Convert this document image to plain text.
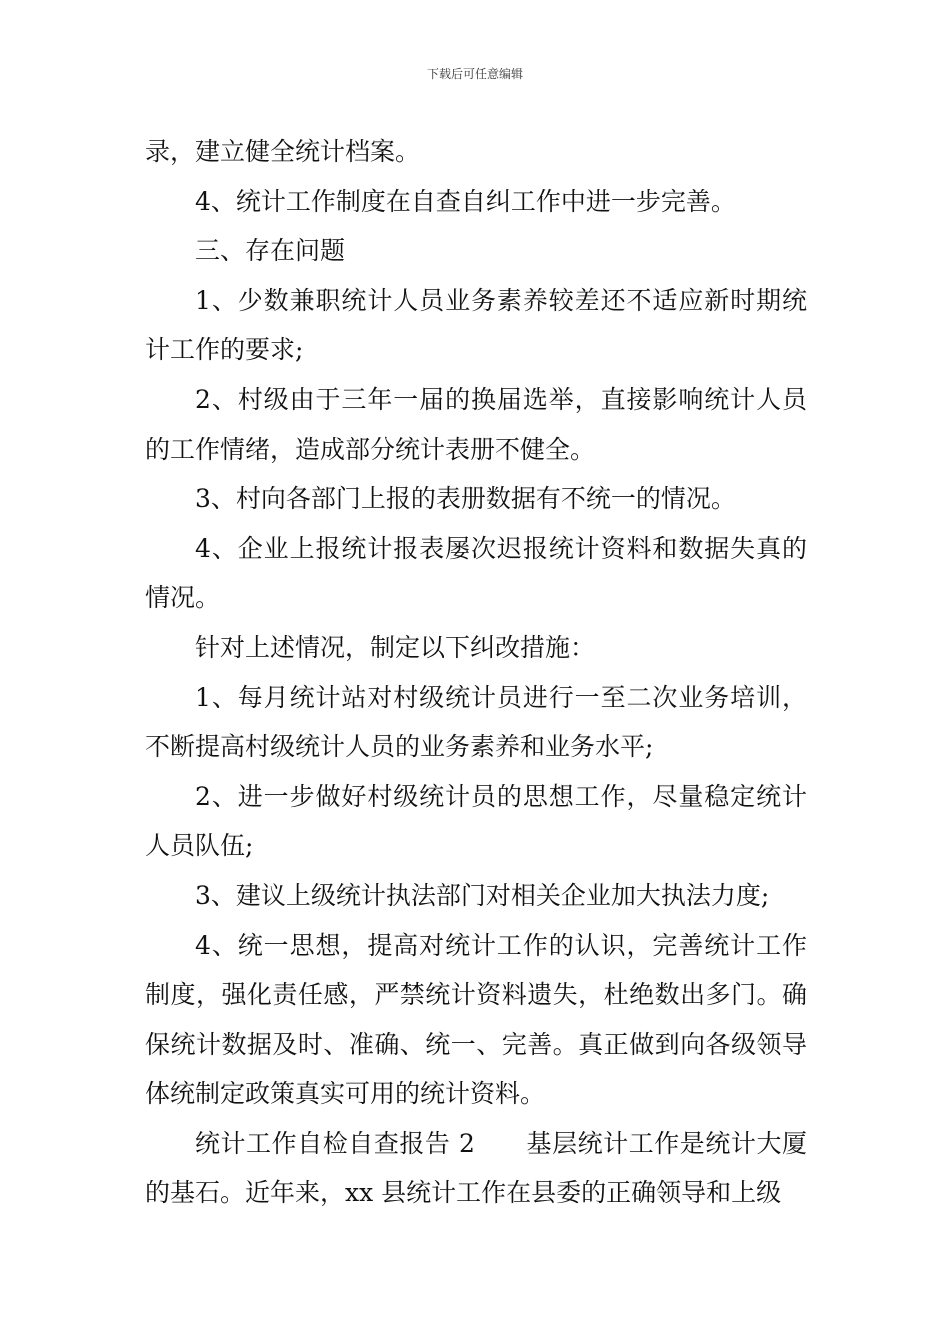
下载后可任意编辑

录，建立健全统计档案。

4、统计工作制度在自查自纠工作中进一步完善。

三、存在问题

1、少数兼职统计人员业务素养较差还不适应新时期统计工作的要求;

2、村级由于三年一届的换届选举，直接影响统计人员的工作情绪，造成部分统计表册不健全。

3、村向各部门上报的表册数据有不统一的情况。

4、企业上报统计报表屡次迟报统计资料和数据失真的情况。

针对上述情况，制定以下纠改措施：

1、每月统计站对村级统计员进行一至二次业务培训，不断提高村级统计人员的业务素养和业务水平;

2、进一步做好村级统计员的思想工作，尽量稳定统计人员队伍;

3、建议上级统计执法部门对相关企业加大执法力度;

4、统一思想，提高对统计工作的认识，完善统计工作制度，强化责任感，严禁统计资料遗失，杜绝数出多门。确保统计数据及时、准确、统一、完善。真正做到向各级领导体统制定政策真实可用的统计资料。

统计工作自检自查报告 2　　基层统计工作是统计大厦的基石。近年来，xx 县统计工作在县委的正确领导和上级
